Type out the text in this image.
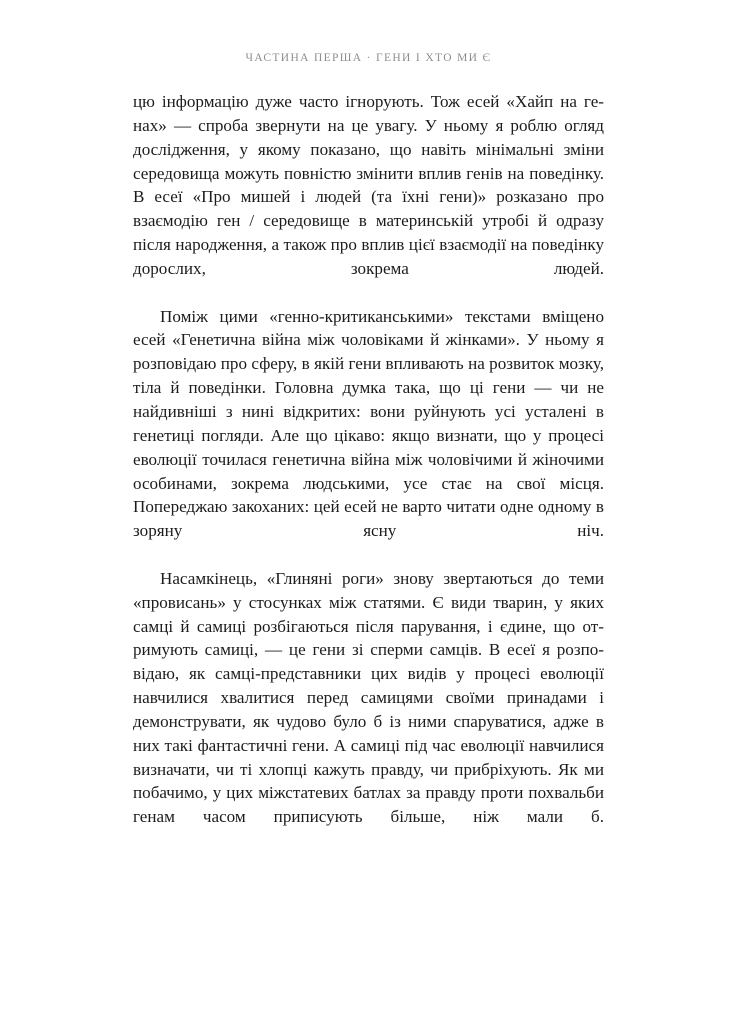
ЧАСТИНА ПЕРША · ГЕНИ І ХТО МИ Є

цю інформацію дуже часто ігнорують. Тож есей «Хайп на генах» — спроба звернути на це увагу. У ньому я роблю огляд дослідження, у якому показано, що навіть мінімальні зміни середовища можуть повністю змінити вплив генів на поведінку. В есеї «Про мишей і людей (та їхні гени)» розказано про взаємодію ген / середовище в материнській утробі й одразу після народження, а також про вплив цієї взаємодії на поведінку дорослих, зокрема людей.

Поміж цими «генно-критиканськими» текстами вміщено есей «Генетична війна між чоловіками й жінками». У ньому я розповідаю про сферу, в якій гени впливають на розвиток мозку, тіла й поведінки. Головна думка така, що ці гени — чи не найдивніші з нині відкритих: вони руйнують усі усталені в генетиці погляди. Але що цікаво: якщо визнати, що у процесі еволюції точилася генетична війна між чоловічими й жіночими особинами, зокрема людськими, усе стає на свої місця. Попереджаю закоханих: цей есей не варто читати одне одному в зоряну ясну ніч.

Насамкінець, «Глиняні роги» знову звертаються до теми «провисань» у стосунках між статями. Є види тварин, у яких самці й самиці розбігаються після парування, і єдине, що отримують самиці, — це гени зі сперми самців. В есеї я розповідаю, як самці-представники цих видів у процесі еволюції навчилися хвалитися перед самицями своїми принадами і демонструвати, як чудово було б із ними спаруватися, адже в них такі фантастичні гени. А самиці під час еволюції навчилися визначати, чи ті хлопці кажуть правду, чи прибріхують. Як ми побачимо, у цих міжстатевих батлах за правду проти похвальби генам часом приписують більше, ніж мали б.
